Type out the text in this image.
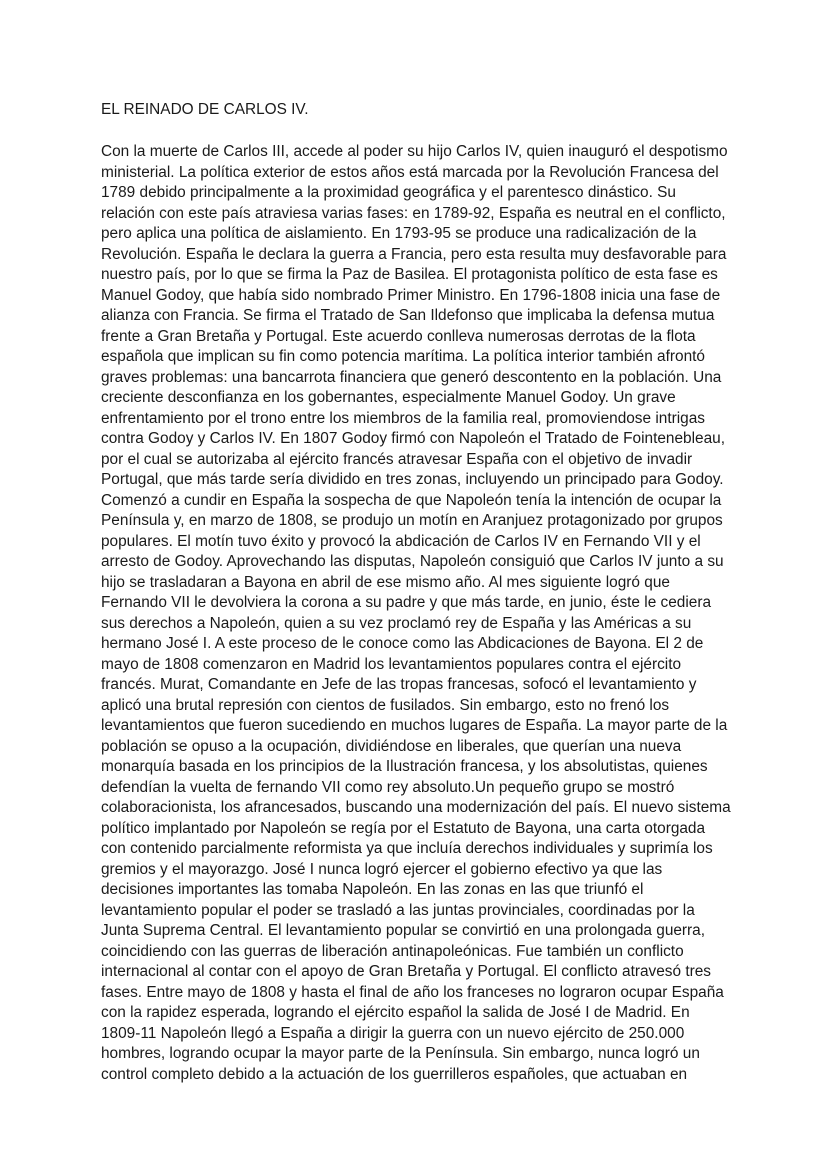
EL REINADO DE CARLOS IV.
Con la muerte de Carlos III, accede al poder su hijo Carlos IV, quien inauguró el despotismo
ministerial. La política exterior de estos años está marcada por la Revolución Francesa del
1789 debido principalmente a la proximidad geográfica y el parentesco dinástico. Su
relación con este país atraviesa varias fases: en 1789-92, España es neutral en el conflicto,
pero aplica una política de aislamiento. En 1793-95 se produce una radicalización de la
Revolución. España le declara la guerra a Francia, pero esta resulta muy desfavorable para
nuestro país, por lo que se firma la Paz de Basilea. El protagonista político de esta fase es
Manuel Godoy, que había sido nombrado Primer Ministro. En 1796-1808 inicia una fase de
alianza con Francia. Se firma el Tratado de San Ildefonso que implicaba la defensa mutua
frente a Gran Bretaña y Portugal. Este acuerdo conlleva numerosas derrotas de la flota
española que implican su fin como potencia marítima. La política interior también afrontó
graves problemas: una bancarrota financiera que generó descontento en la población. Una
creciente desconfianza en los gobernantes, especialmente Manuel Godoy. Un grave
enfrentamiento por el trono entre los miembros de la familia real, promoviendose intrigas
contra Godoy y Carlos IV. En 1807 Godoy firmó con Napoleón el Tratado de Fointenebleau,
por el cual se autorizaba al ejército francés atravesar España con el objetivo de invadir
Portugal, que más tarde sería dividido en tres zonas, incluyendo un principado para Godoy.
Comenzó a cundir en España la sospecha de que Napoleón tenía la intención de ocupar la
Península y, en marzo de 1808, se produjo un motín en Aranjuez protagonizado por grupos
populares. El motín tuvo éxito y provocó la abdicación de Carlos IV en Fernando VII y el
arresto de Godoy. Aprovechando las disputas, Napoleón consiguió que Carlos IV junto a su
hijo se trasladaran a Bayona en abril de ese mismo año. Al mes siguiente logró que
Fernando VII le devolviera la corona a su padre y que más tarde, en junio, éste le cediera
sus derechos a Napoleón, quien a su vez proclamó rey de España y las Américas a su
hermano José I. A este proceso de le conoce como las Abdicaciones de Bayona. El 2 de
mayo de 1808 comenzaron en Madrid los levantamientos populares contra el ejército
francés. Murat, Comandante en Jefe de las tropas francesas, sofocó el levantamiento y
aplicó una brutal represión con cientos de fusilados. Sin embargo, esto no frenó los
levantamientos que fueron sucediendo en muchos lugares de España. La mayor parte de la
población se opuso a la ocupación, dividiéndose en liberales, que querían una nueva
monarquía basada en los principios de la Ilustración francesa, y los absolutistas, quienes
defendían la vuelta de fernando VII como rey absoluto.Un pequeño grupo se mostró
colaboracionista, los afrancesados, buscando una modernización del país. El nuevo sistema
político implantado por Napoleón se regía por el Estatuto de Bayona, una carta otorgada
con contenido parcialmente reformista ya que incluía derechos individuales y suprimía los
gremios y el mayorazgo. José I nunca logró ejercer el gobierno efectivo ya que las
decisiones importantes las tomaba Napoleón. En las zonas en las que triunfó el
levantamiento popular el poder se trasladó a las juntas provinciales, coordinadas por la
Junta Suprema Central. El levantamiento popular se convirtió en una prolongada guerra,
coincidiendo con las guerras de liberación antinapoleónicas. Fue también un conflicto
internacional al contar con el apoyo de Gran Bretaña y Portugal. El conflicto atravesó tres
fases. Entre mayo de 1808 y hasta el final de año los franceses no lograron ocupar España
con la rapidez esperada, logrando el ejército español la salida de José I de Madrid. En
1809-11 Napoleón llegó a España a dirigir la guerra con un nuevo ejército de 250.000
hombres, logrando ocupar la mayor parte de la Península. Sin embargo, nunca logró un
control completo debido a la actuación de los guerrilleros españoles, que actuaban en
